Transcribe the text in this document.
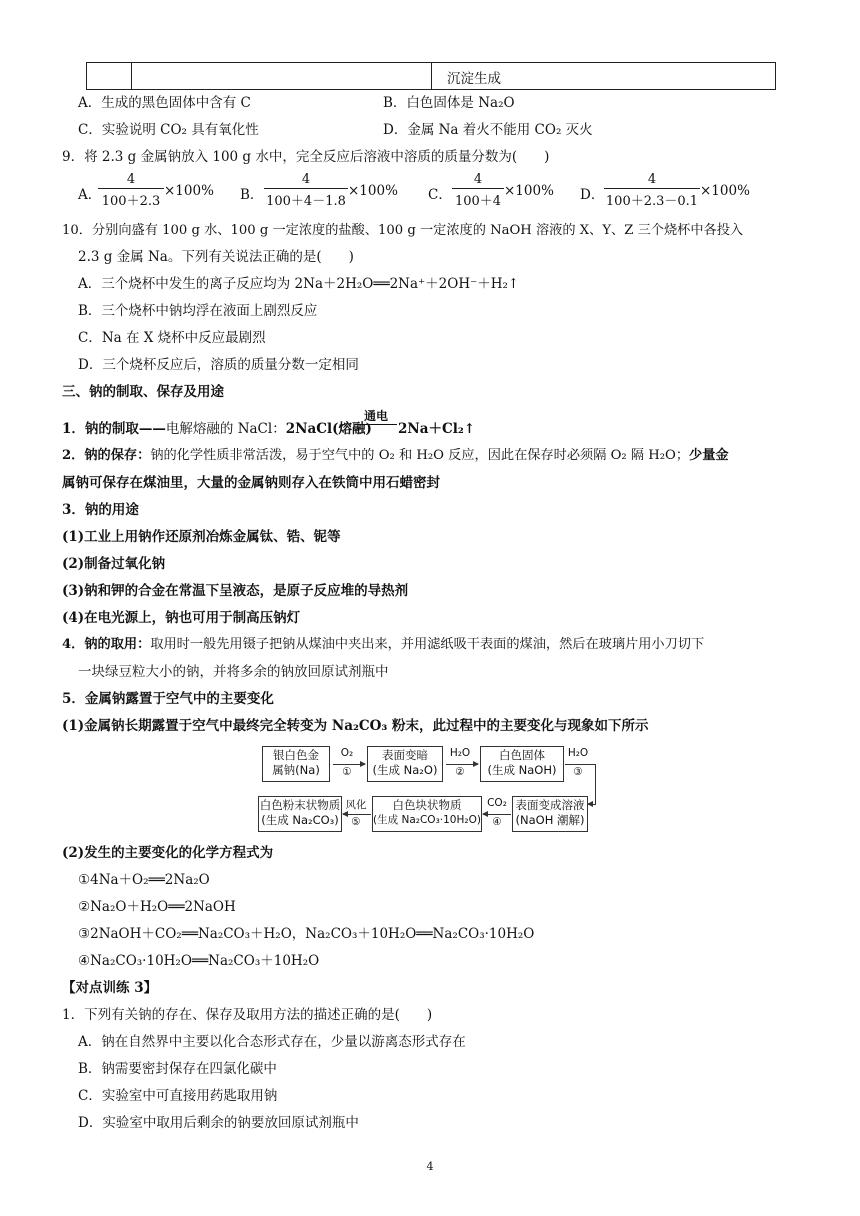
沉淀生成
A．生成的黑色固体中含有 C	B．白色固体是 Na₂O
C．实验说明 CO₂ 具有氧化性	D．金属 Na 着火不能用 CO₂ 灭火
9．将 2.3 g 金属钠放入 100 g 水中，完全反应后溶液中溶质的质量分数为(　　)
A．
$\frac{4}{100+2.3} \times 100\%$ B． $\frac{4}{100+4-1.8} \times 100\%$ C． $\frac{4}{100+4} \times 100\%$ D． $\frac{4}{100+2.3-0.1} \times 100\%$
10．分别向盛有 100 g 水、100 g 一定浓度的盐酸、100 g 一定浓度的 NaOH 溶液的 X、Y、Z 三个烧杯中各投入
2.3 g 金属 Na。下列有关说法正确的是(　　)
A．三个烧杯中发生的离子反应均为 2Na＋2H₂O══2Na⁺＋2OH⁻＋H₂↑
B．三个烧杯中钠均浮在液面上剧烈反应
C．Na 在 X 烧杯中反应最剧烈
D．三个烧杯反应后，溶质的质量分数一定相同
三、钠的制取、保存及用途
1．钠的制取——电解熔融的 NaCl：2NaCl(熔融)
通电
2Na＋Cl₂↑
2．钠的保存：钠的化学性质非常活泼，易于空气中的 O₂ 和 H₂O 反应，因此在保存时必须隔 O₂ 隔 H₂O；少量金
属钠可保存在煤油里，大量的金属钠则存入在铁筒中用石蜡密封
3．钠的用途
(1)工业上用钠作还原剂冶炼金属钛、锆、铌等
(2)制备过氧化钠
(3)钠和钾的合金在常温下呈液态，是原子反应堆的导热剂
(4)在电光源上，钠也可用于制高压钠灯
4．钠的取用：取用时一般先用镊子把钠从煤油中夹出来，并用滤纸吸干表面的煤油，然后在玻璃片用小刀切下
一块绿豆粒大小的钠，并将多余的钠放回原试剂瓶中
5．金属钠露置于空气中的主要变化
(1)金属钠长期露置于空气中最终完全转变为 Na₂CO₃ 粉末，此过程中的主要变化与现象如下所示
银白色金
属钠(Na)
O₂
①
表面变暗
(生成 Na₂O)
H₂O
②
白色固体
(生成 NaOH)
H₂O
③
表面变成溶液
(NaOH 潮解)
CO₂
④
白色块状物质
(生成 Na₂CO₃·10H₂O)
风化
⑤
白色粉末状物质
(生成 Na₂CO₃)
(2)发生的主要变化的化学方程式为
①4Na＋O₂══2Na₂O
②Na₂O＋H₂O══2NaOH
③2NaOH＋CO₂══Na₂CO₃＋H₂O，Na₂CO₃＋10H₂O══Na₂CO₃·10H₂O
④Na₂CO₃·10H₂O══Na₂CO₃＋10H₂O
【对点训练 3】
1．下列有关钠的存在、保存及取用方法的描述正确的是(　　)
A．钠在自然界中主要以化合态形式存在，少量以游离态形式存在
B．钠需要密封保存在四氯化碳中
C．实验室中可直接用药匙取用钠
D．实验室中取用后剩余的钠要放回原试剂瓶中
4
